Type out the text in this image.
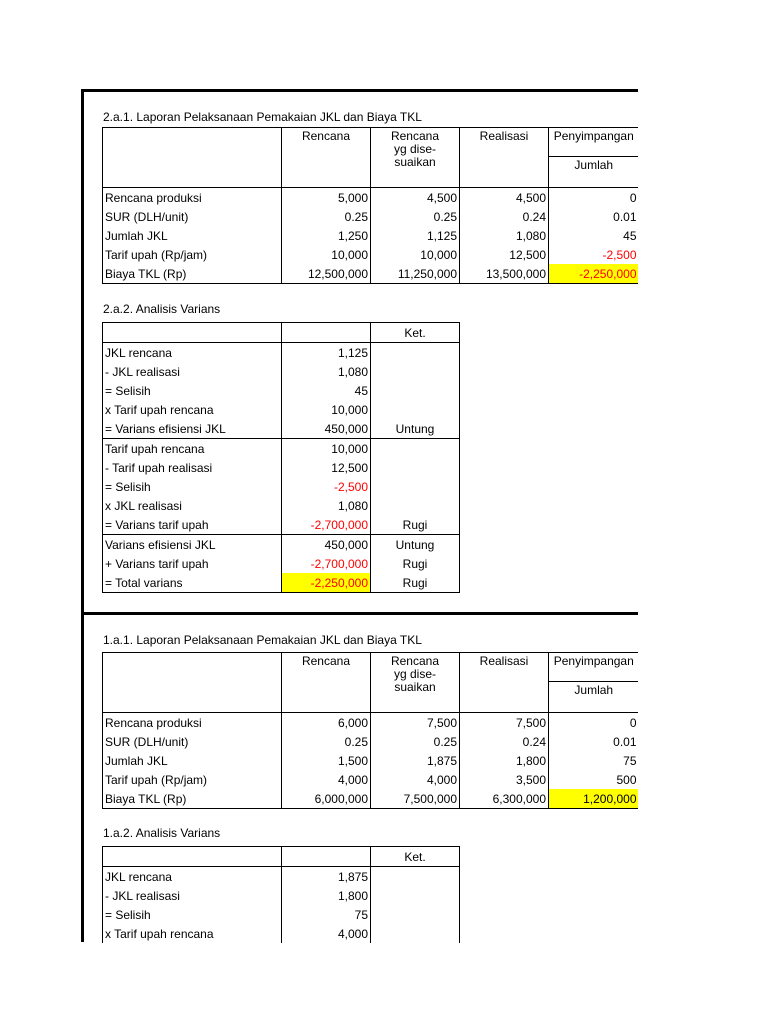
2.a.1. Laporan Pelaksanaan Pemakaian JKL dan Biaya TKL
	Rencana	Rencana
yg dise-
suaikan	Realisasi	Penyimpangan
				Jumlah
Rencana produksi	5,000	4,500	4,500	0
SUR (DLH/unit)	0.25	0.25	0.24	0.01
Jumlah JKL	1,250	1,125	1,080	45
Tarif upah (Rp/jam)	10,000	10,000	12,500	-2,500
Biaya TKL (Rp)	12,500,000	11,250,000	13,500,000	-2,250,000
2.a.2. Analisis Varians
		Ket.
JKL rencana	1,125	
- JKL realisasi	1,080	
= Selisih	45	
x Tarif upah rencana	10,000	
= Varians efisiensi JKL	450,000	Untung
Tarif upah rencana	10,000	
- Tarif upah realisasi	12,500	
= Selisih	-2,500	
x JKL realisasi	1,080	
= Varians tarif upah	-2,700,000	Rugi
Varians efisiensi JKL	450,000	Untung
+ Varians tarif upah	-2,700,000	Rugi
= Total varians	-2,250,000	Rugi
1.a.1. Laporan Pelaksanaan Pemakaian JKL dan Biaya TKL
	Rencana	Rencana
yg dise-
suaikan	Realisasi	Penyimpangan
				Jumlah
Rencana produksi	6,000	7,500	7,500	0
SUR (DLH/unit)	0.25	0.25	0.24	0.01
Jumlah JKL	1,500	1,875	1,800	75
Tarif upah (Rp/jam)	4,000	4,000	3,500	500
Biaya TKL (Rp)	6,000,000	7,500,000	6,300,000	1,200,000
1.a.2. Analisis Varians
		Ket.
JKL rencana	1,875	
- JKL realisasi	1,800	
= Selisih	75	
x Tarif upah rencana	4,000	
